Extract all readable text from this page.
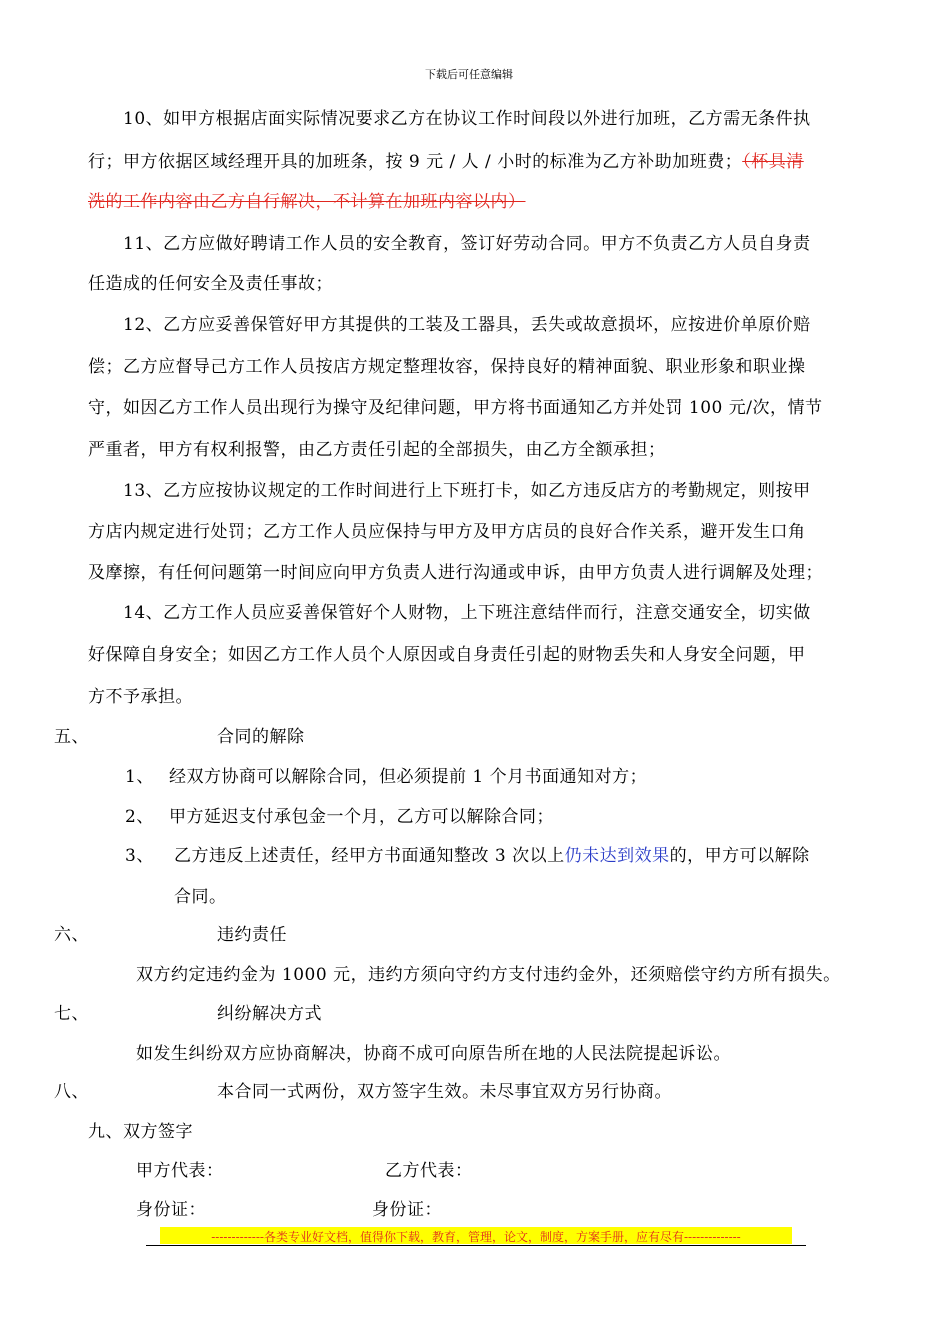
下载后可任意编辑
10、如甲方根据店面实际情况要求乙方在协议工作时间段以外进行加班，乙方需无条件执
行；甲方依据区域经理开具的加班条，按 9 元 / 人 / 小时的标准为乙方补助加班费；（杯具清
洗的工作内容由乙方自行解决，不计算在加班内容以内）
11、乙方应做好聘请工作人员的安全教育，签订好劳动合同。甲方不负责乙方人员自身责
任造成的任何安全及责任事故；
12、乙方应妥善保管好甲方其提供的工装及工器具，丢失或故意损坏，应按进价单原价赔
偿；乙方应督导己方工作人员按店方规定整理妆容，保持良好的精神面貌、职业形象和职业操
守，如因乙方工作人员出现行为操守及纪律问题，甲方将书面通知乙方并处罚 100 元/次，情节
严重者，甲方有权利报警，由乙方责任引起的全部损失，由乙方全额承担；
13、乙方应按协议规定的工作时间进行上下班打卡，如乙方违反店方的考勤规定，则按甲
方店内规定进行处罚；乙方工作人员应保持与甲方及甲方店员的良好合作关系，避开发生口角
及摩擦，有任何问题第一时间应向甲方负责人进行沟通或申诉，由甲方负责人进行调解及处理；
14、乙方工作人员应妥善保管好个人财物，上下班注意结伴而行，注意交通安全，切实做
好保障自身安全；如因乙方工作人员个人原因或自身责任引起的财物丢失和人身安全问题，甲
方不予承担。
五、	合同的解除
1、 经双方协商可以解除合同，但必须提前 1 个月书面通知对方；
2、 甲方延迟支付承包金一个月，乙方可以解除合同；
3、 乙方违反上述责任，经甲方书面通知整改 3 次以上仍未达到效果的，甲方可以解除
合同。
六、	违约责任
双方约定违约金为 1000 元，违约方须向守约方支付违约金外，还须赔偿守约方所有损失。
七、	纠纷解决方式
如发生纠纷双方应协商解决，协商不成可向原告所在地的人民法院提起诉讼。
八、	本合同一式两份，双方签字生效。未尽事宜双方另行协商。
九、双方签字
甲方代表：	乙方代表：
身份证：	身份证：
-------------各类专业好文档，值得你下载，教育，管理，论文，制度，方案手册，应有尽有--------------
